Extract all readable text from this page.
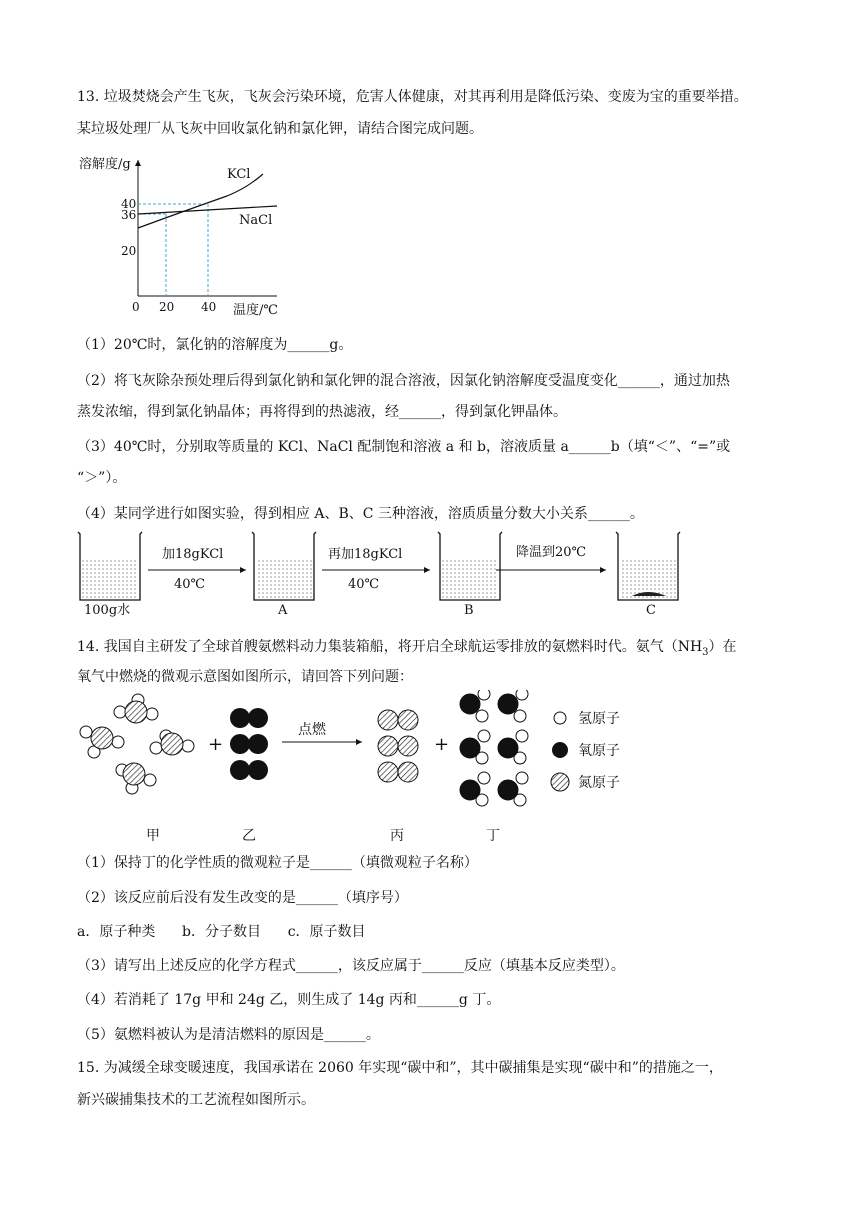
13. 垃圾焚烧会产生飞灰，飞灰会污染环境，危害人体健康，对其再利用是降低污染、变废为宝的重要举措。
某垃圾处理厂从飞灰中回收氯化钠和氯化钾，请结合图完成问题。
溶解度/g
KCl
NaCl
40
36
20
0 20 40 温度/℃
（1）20℃时，氯化钠的溶解度为______g。
（2）将飞灰除杂预处理后得到氯化钠和氯化钾的混合溶液，因氯化钠溶解度受温度变化______，通过加热
蒸发浓缩，得到氯化钠晶体；再将得到的热滤液，经______，得到氯化钾晶体。
（3）40℃时，分别取等质量的 KCl、NaCl 配制饱和溶液 a 和 b，溶液质量 a______b（填“＜”、“=”或
“＞”）。
（4）某同学进行如图实验，得到相应 A、B、C 三种溶液，溶质质量分数大小关系______。
100g水
加18gKCl
40℃
A
再加18gKCl
40℃
B
降温到20℃
C
14. 我国自主研发了全球首艘氨燃料动力集装箱船，将开启全球航运零排放的氨燃料时代。氨气$(NH_3)$在
氧气中燃烧的微观示意图如图所示，请回答下列问题：
+
点燃
+
氢原子
氧原子
氮原子
甲	乙	丙	丁
（1）保持丁的化学性质的微观粒子是______（填微观粒子名称）
（2）该反应前后没有发生改变的是______（填序号）
a．原子种类      b．分子数目      c．原子数目
（3）请写出上述反应的化学方程式______，该反应属于______反应（填基本反应类型）。
（4）若消耗了 17g 甲和 24g 乙，则生成了 14g 丙和______g 丁。
（5）氨燃料被认为是清洁燃料的原因是______。
15. 为减缓全球变暖速度，我国承诺在 2060 年实现“碳中和”，其中碳捕集是实现“碳中和”的措施之一，
新兴碳捕集技术的工艺流程如图所示。
